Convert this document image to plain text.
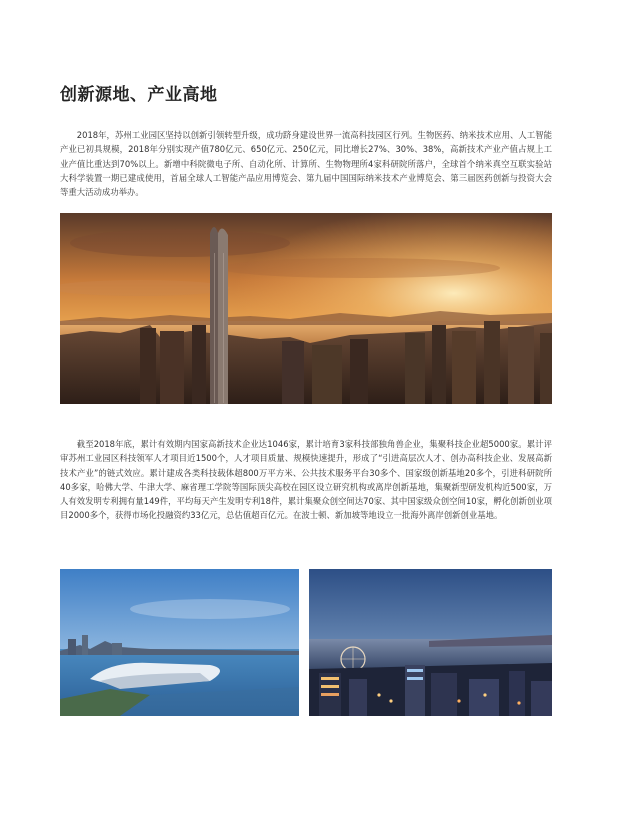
创新源地、产业高地

2018年，苏州工业园区坚持以创新引领转型升级，成功跻身建设世界一流高科技园区行列。生物医药、纳米技术应用、人工智能产业已初具规模，2018年分别实现产值780亿元、650亿元、250亿元，同比增长27%、30%、38%，高新技术产业产值占规上工业产值比重达到70%以上。新增中科院微电子所、自动化所、计算所、生物物理所4家科研院所落户，全球首个纳米真空互联实验站大科学装置一期已建成使用，首届全球人工智能产品应用博览会、第九届中国国际纳米技术产业博览会、第三届医药创新与投资大会等重大活动成功举办。

截至2018年底，累计有效期内国家高新技术企业达1046家，累计培育3家科技部独角兽企业，集聚科技企业超5000家。累计评审苏州工业园区科技领军人才项目近1500个，人才项目质量、规模快速提升，形成了“引进高层次人才、创办高科技企业、发展高新技术产业”的链式效应。累计建成各类科技载体超800万平方米、公共技术服务平台30多个、国家级创新基地20多个，引进科研院所40多家，哈佛大学、牛津大学、麻省理工学院等国际顶尖高校在园区设立研究机构或离岸创新基地，集聚新型研发机构近500家，万人有效发明专利拥有量149件，平均每天产生发明专利18件，累计集聚众创空间达70家、其中国家级众创空间10家，孵化创新创业项目2000多个，获得市场化投融资约33亿元，总估值超百亿元。在波士顿、新加坡等地设立一批海外离岸创新创业基地。
